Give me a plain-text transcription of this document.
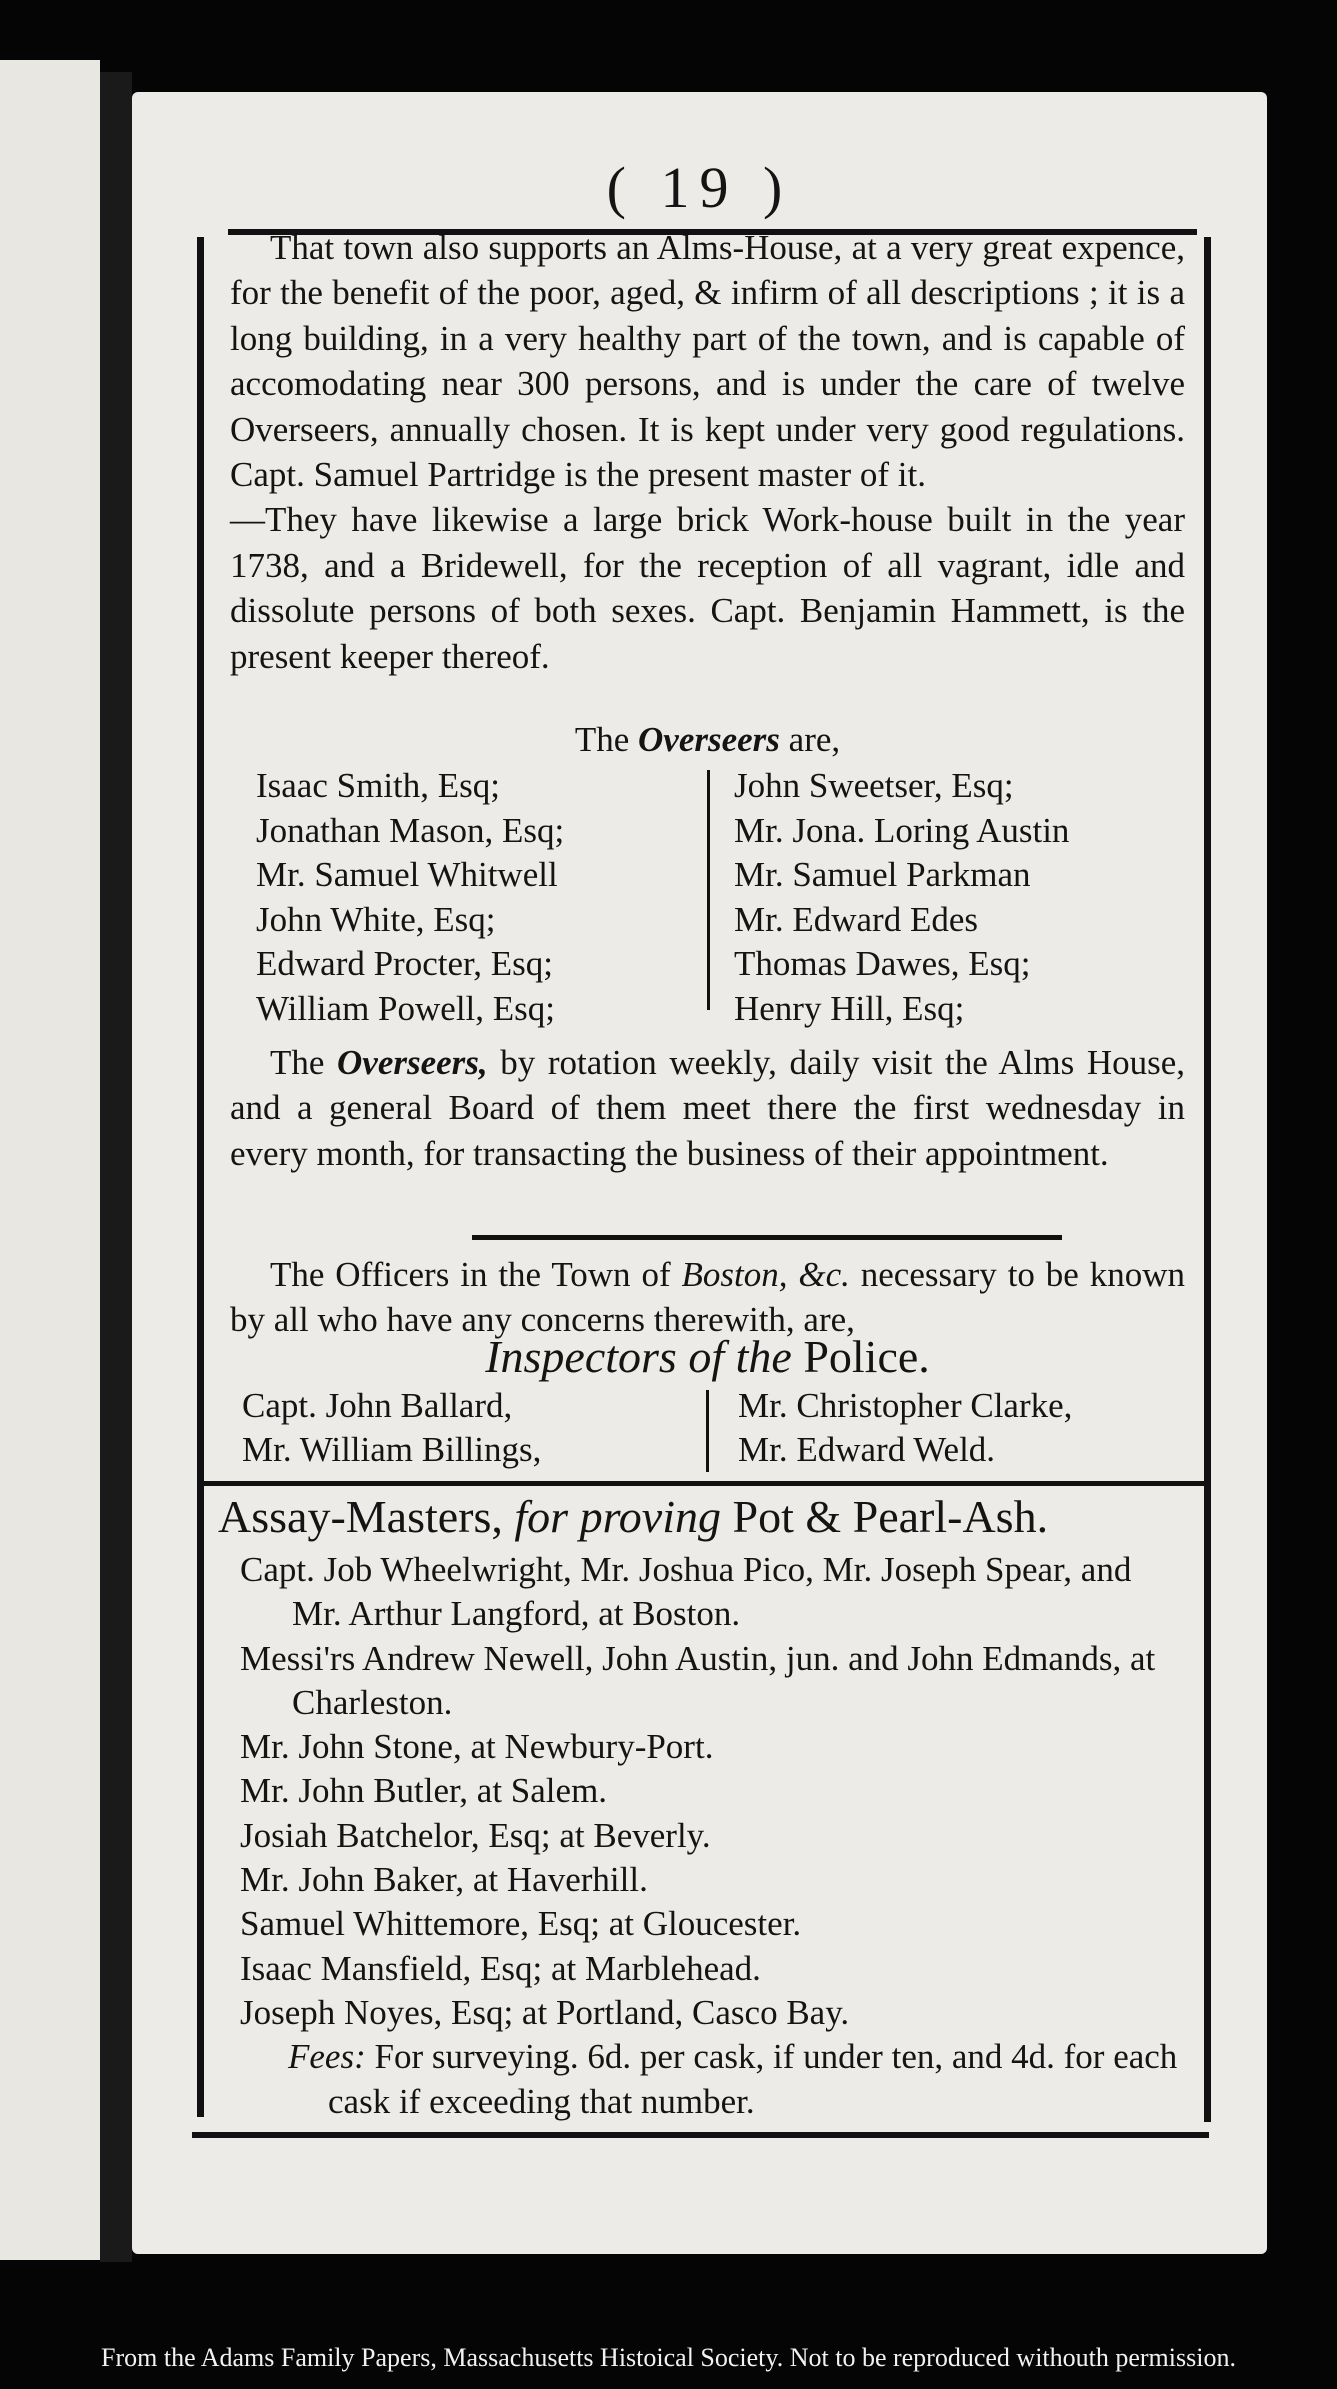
( 19 )

That town also supports an Alms-House, at a very great expence, for the benefit of the poor, aged, & infirm of all descriptions ; it is a long building, in a very healthy part of the town, and is capable of accomodating near 300 persons, and is under the care of twelve Overseers, annually chosen. It is kept under very good regulations. Capt. Samuel Partridge is the present master of it.

—They have likewise a large brick Work-house built in the year 1738, and a Bridewell, for the reception of all vagrant, idle and dissolute persons of both sexes. Capt. Benjamin Hammett, is the present keeper thereof.

The Overseers are,
Isaac Smith, Esq;
Jonathan Mason, Esq;
Mr. Samuel Whitwell
John White, Esq;
Edward Procter, Esq;
William Powell, Esq;
John Sweetser, Esq;
Mr. Jona. Loring Austin
Mr. Samuel Parkman
Mr. Edward Edes
Thomas Dawes, Esq;
Henry Hill, Esq;

The Overseers, by rotation weekly, daily visit the Alms House, and a general Board of them meet there the first wednesday in every month, for transacting the business of their appointment.

The Officers in the Town of Boston, &c. necessary to be known by all who have any concerns therewith, are,
Inspectors of the Police.
Capt. John Ballard,
Mr. William Billings,
Mr. Christopher Clarke,
Mr. Edward Weld.
Assay-Masters, for proving Pot & Pearl-Ash.

Capt. Job Wheelwright, Mr. Joshua Pico, Mr. Joseph Spear, and Mr. Arthur Langford, at Boston.

Messi'rs Andrew Newell, John Austin, jun. and John Edmands, at Charleston.

Mr. John Stone, at Newbury-Port.

Mr. John Butler, at Salem.

Josiah Batchelor, Esq; at Beverly.

Mr. John Baker, at Haverhill.

Samuel Whittemore, Esq; at Gloucester.

Isaac Mansfield, Esq; at Marblehead.

Joseph Noyes, Esq; at Portland, Casco Bay.

Fees: For surveying. 6d. per cask, if under ten, and 4d. for each cask if exceeding that number.

From the Adams Family Papers, Massachusetts Histoical Society. Not to be reproduced withouth permission.
